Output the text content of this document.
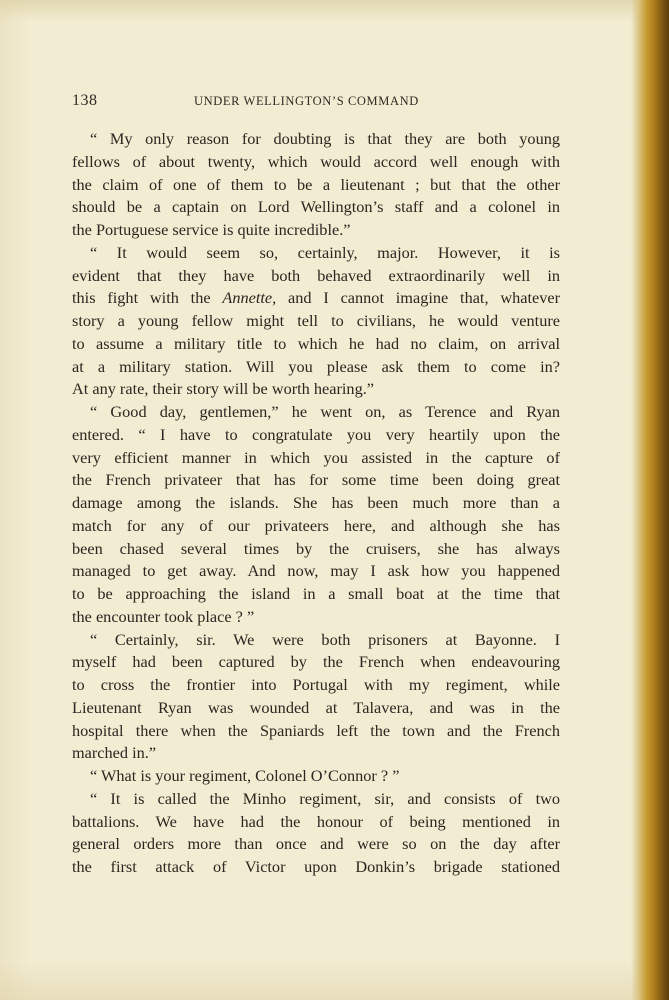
138	UNDER WELLINGTON’S COMMAND
“ My only reason for doubting is that they are both young
fellows of about twenty, which would accord well enough with
the claim of one of them to be a lieutenant ; but that the other
should be a captain on Lord Wellington’s staff and a colonel in
the Portuguese service is quite incredible.”
“ It would seem so, certainly, major. However, it is
evident that they have both behaved extraordinarily well in
this fight with the Annette, and I cannot imagine that, whatever
story a young fellow might tell to civilians, he would venture
to assume a military title to which he had no claim, on arrival
at a military station. Will you please ask them to come in?
At any rate, their story will be worth hearing.”
“ Good day, gentlemen,” he went on, as Terence and Ryan
entered. “ I have to congratulate you very heartily upon the
very efficient manner in which you assisted in the capture of
the French privateer that has for some time been doing great
damage among the islands. She has been much more than a
match for any of our privateers here, and although she has
been chased several times by the cruisers, she has always
managed to get away. And now, may I ask how you happened
to be approaching the island in a small boat at the time that
the encounter took place ? ”
“ Certainly, sir. We were both prisoners at Bayonne. I
myself had been captured by the French when endeavouring
to cross the frontier into Portugal with my regiment, while
Lieutenant Ryan was wounded at Talavera, and was in the
hospital there when the Spaniards left the town and the French
marched in.”
“ What is your regiment, Colonel O’Connor ? ”
“ It is called the Minho regiment, sir, and consists of two
battalions. We have had the honour of being mentioned in
general orders more than once and were so on the day after
the first attack of Victor upon Donkin’s brigade stationed
